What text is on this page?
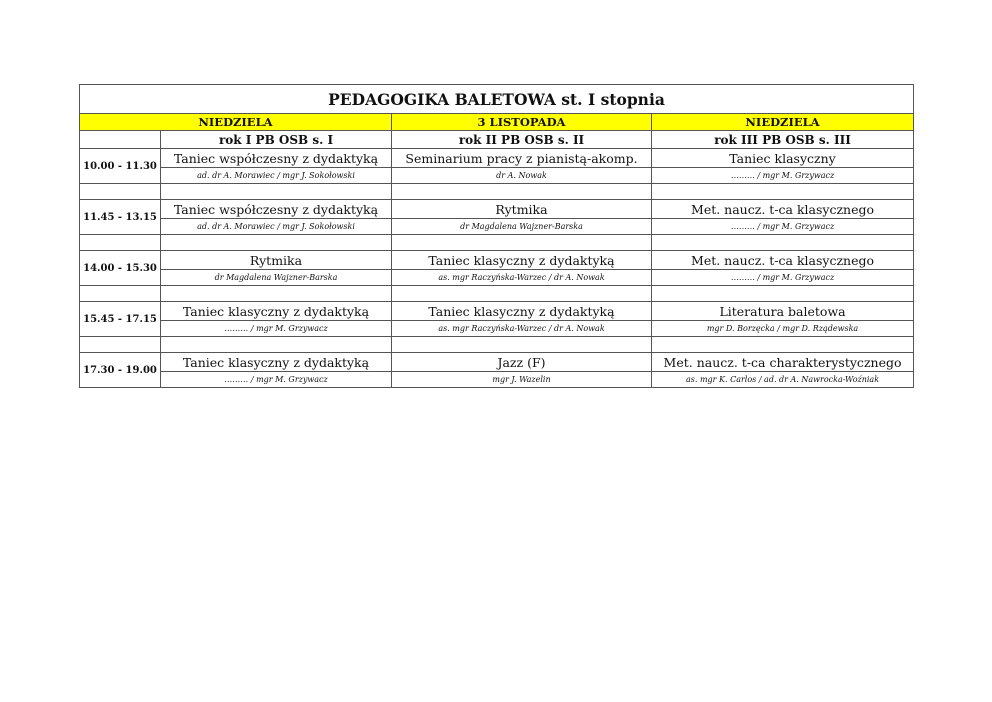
PEDAGOGIKA BALETOWA st. I stopnia			
NIEDZIELA		3 LISTOPADA	NIEDZIELA
	rok I PB OSB s. I	rok II PB OSB s. II	rok III PB OSB s. III
10.00 - 11.30	Taniec współczesny z dydaktyką	Seminarium pracy z pianistą-akomp.	Taniec klasyczny
	ad. dr A. Morawiec / mgr J. Sokołowski	dr A. Nowak	……… / mgr M. Grzywacz

11.45 - 13.15	Taniec współczesny z dydaktyką	Rytmika	Met. naucz. t-ca klasycznego
	ad. dr A. Morawiec / mgr J. Sokołowski	dr Magdalena Wajzner-Barska	……… / mgr M. Grzywacz

14.00 - 15.30	Rytmika	Taniec klasyczny z dydaktyką	Met. naucz. t-ca klasycznego
	dr Magdalena Wajzner-Barska	as. mgr Raczyńska-Warzec / dr A. Nowak	……… / mgr M. Grzywacz

15.45 - 17.15	Taniec klasyczny z dydaktyką	Taniec klasyczny z dydaktyką	Literatura baletowa
	……… / mgr M. Grzywacz	as. mgr Raczyńska-Warzec / dr A. Nowak	mgr D. Borzęcka / mgr D. Rządewska

17.30 - 19.00	Taniec klasyczny z dydaktyką	Jazz (F)	Met. naucz. t-ca charakterystycznego
	……… / mgr M. Grzywacz	mgr J. Wazelin	as. mgr K. Carlos / ad. dr A. Nawrocka-Woźniak
